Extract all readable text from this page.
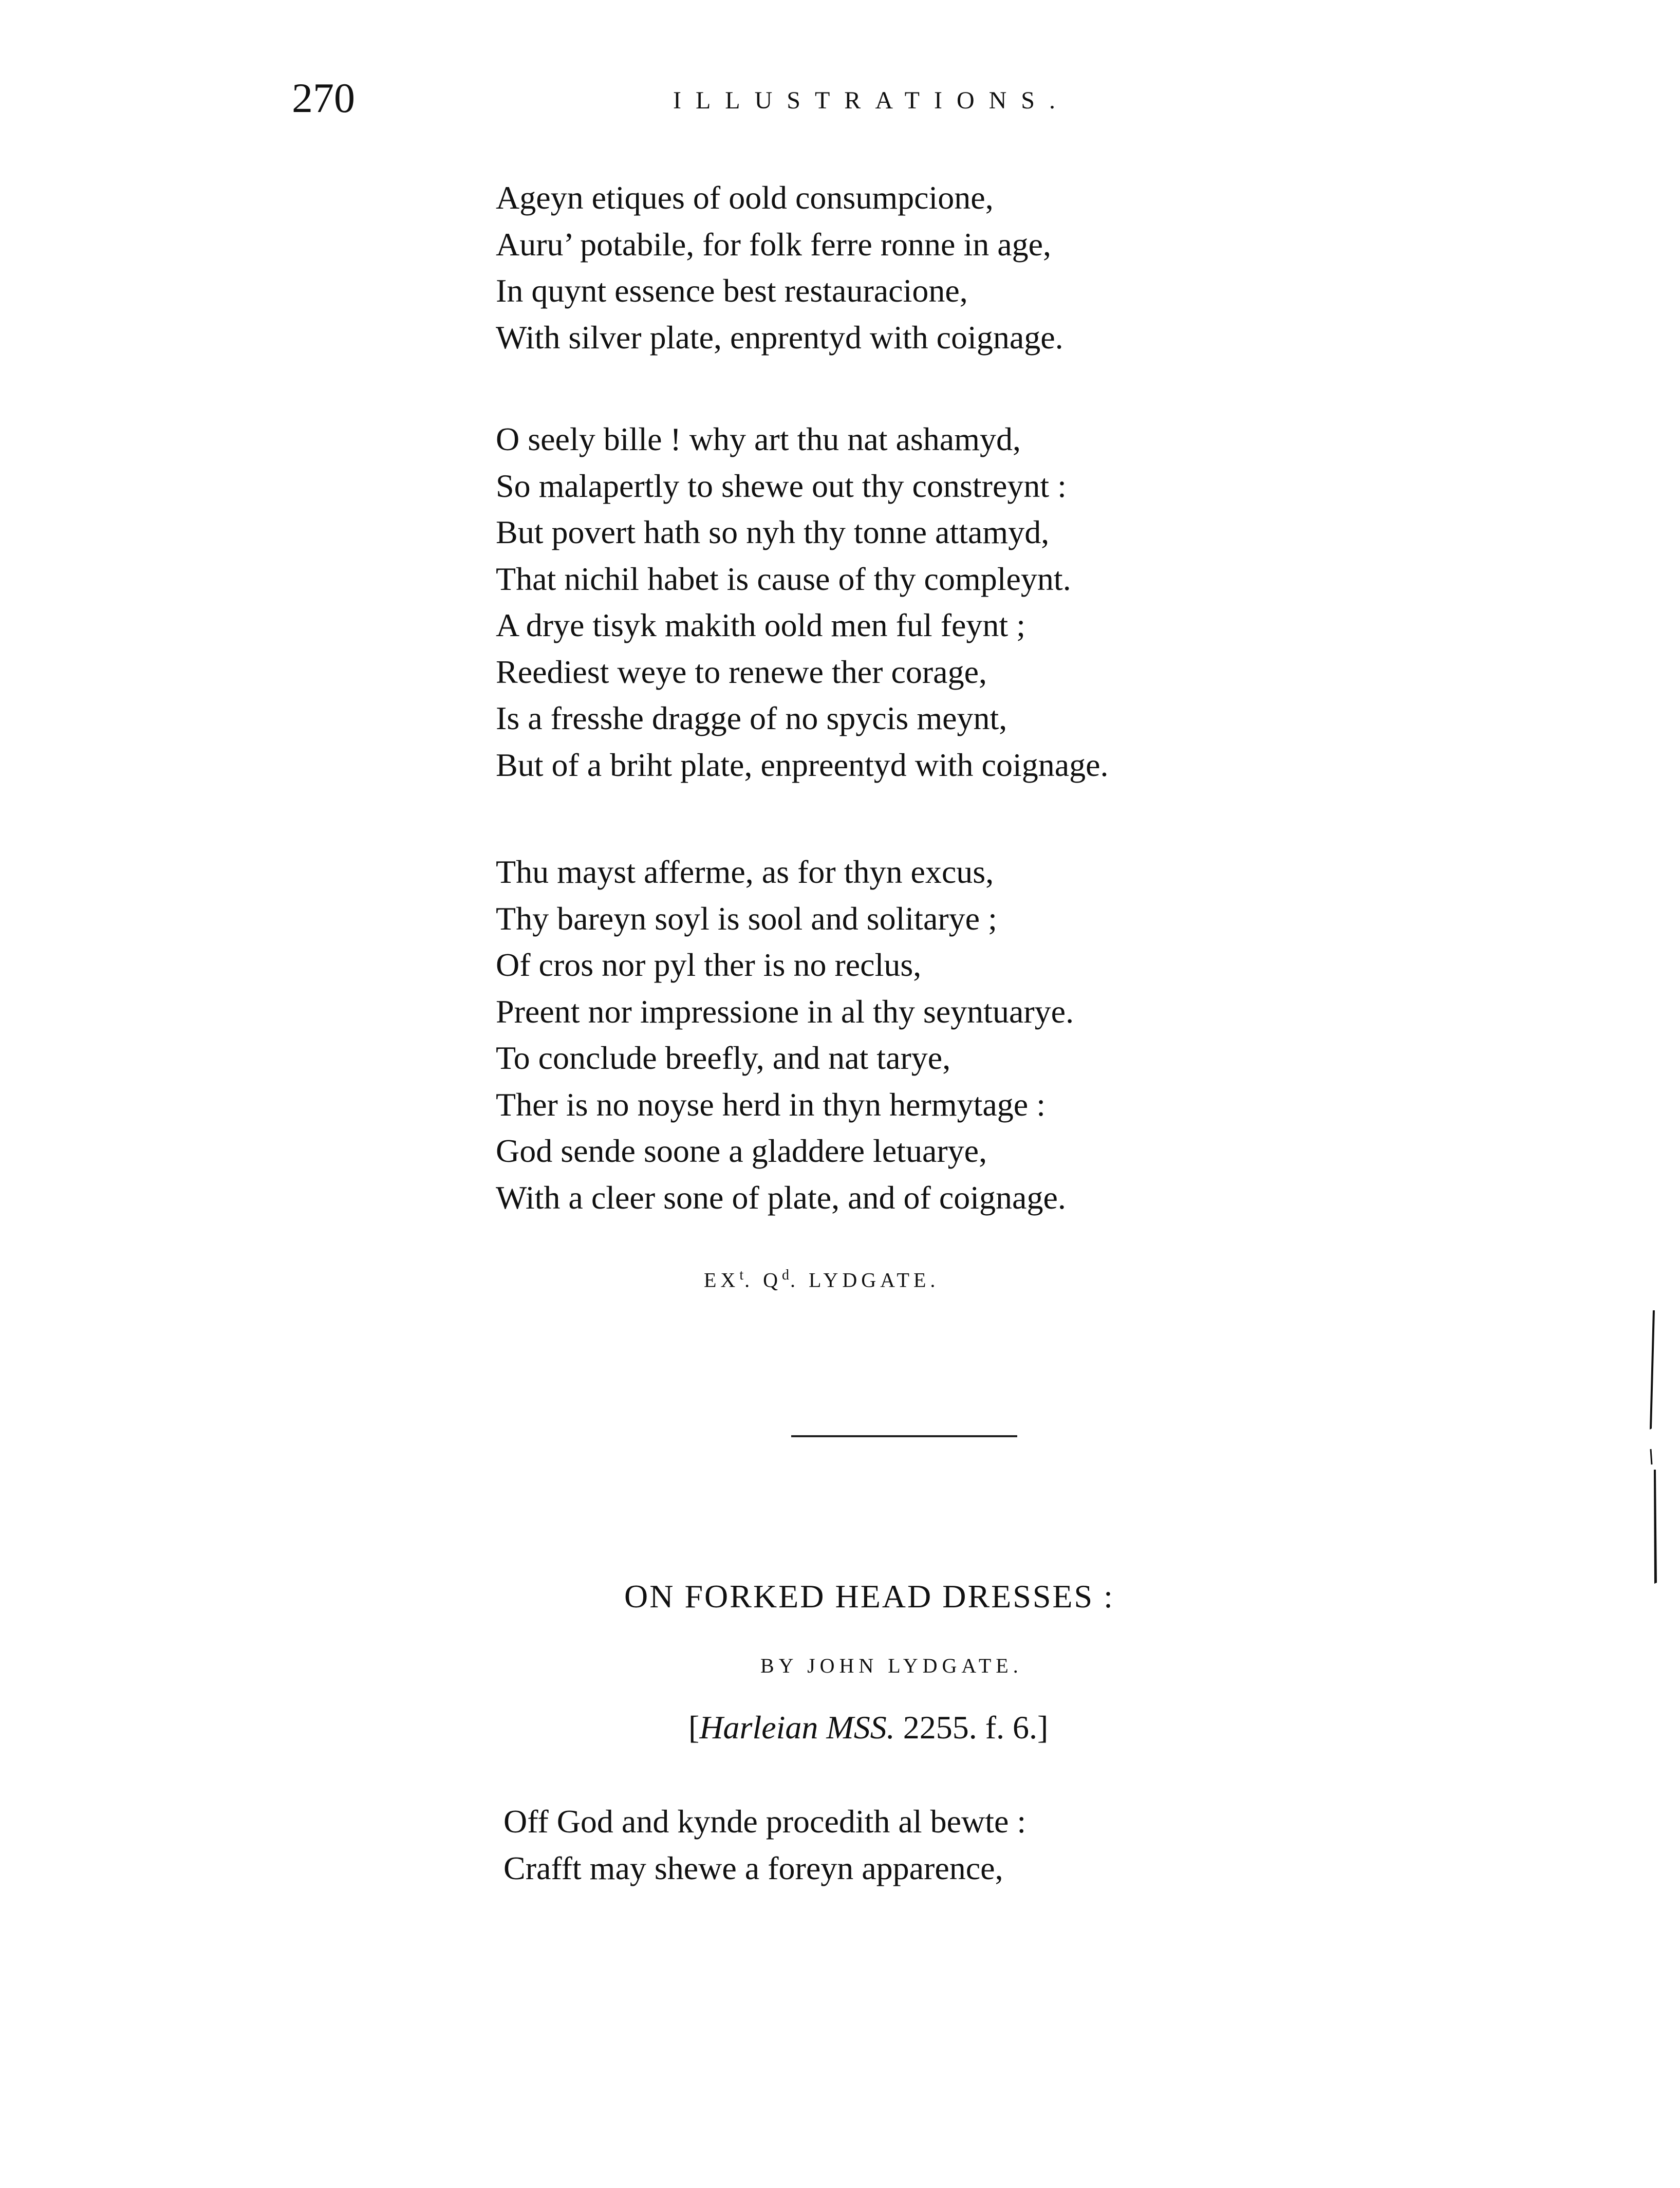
270	ILLUSTRATIONS.
Ageyn etiques of oold consumpcione,
Auru’ potabile, for folk ferre ronne in age,
In quynt essence best restauracione,
With silver plate, enprentyd with coignage.
O seely bille ! why art thu nat ashamyd,
So malapertly to shewe out thy constreynt :
But povert hath so nyh thy tonne attamyd,
That nichil habet is cause of thy compleynt.
A drye tisyk makith oold men ful feynt ;
Reediest weye to renewe ther corage,
Is a fresshe dragge of no spycis meynt,
But of a briht plate, enpreentyd with coignage.
Thu mayst afferme, as for thyn excus,
Thy bareyn soyl is sool and solitarye ;
Of cros nor pyl ther is no reclus,
Preent nor impressione in al thy seyntuarye.
To conclude breefly, and nat tarye,
Ther is no noyse herd in thyn hermytage :
God sende soone a gladdere letuarye,
With a cleer sone of plate, and of coignage.
$EX^t$. $Q^d$. LYDGATE.
ON FORKED HEAD DRESSES :
BY JOHN LYDGATE.
[Harleian MSS. 2255. f. 6.]
Off God and kynde procedith al bewte :
Crafft may shewe a foreyn apparence,
